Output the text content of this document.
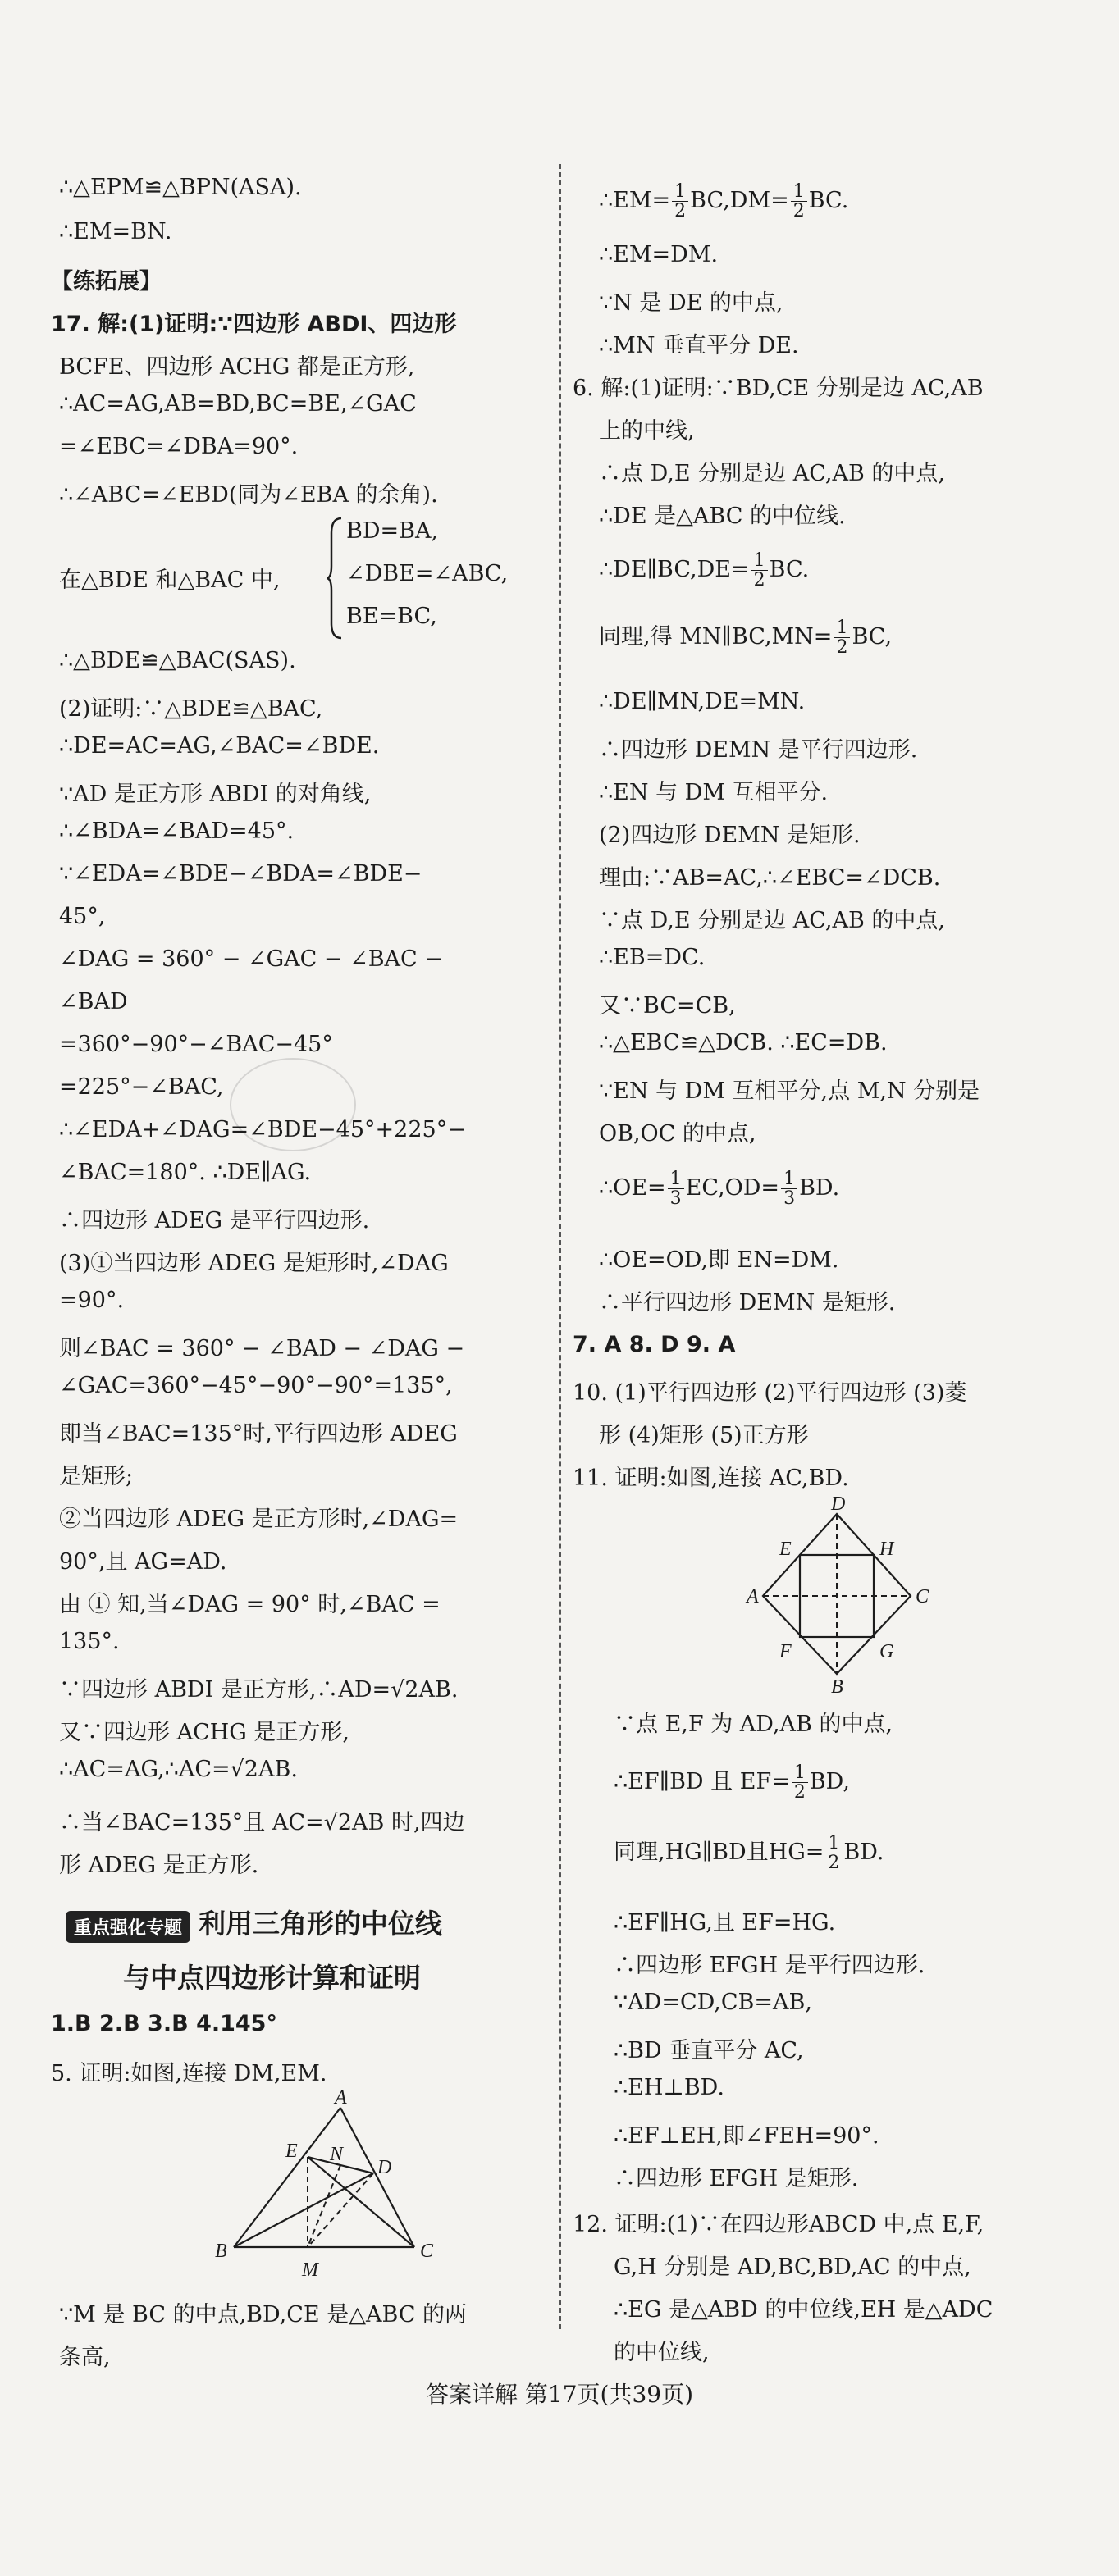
∴△EPM≌△BPN(ASA).
∴EM=BN.
【练拓展】
17. 解:(1)证明:∵四边形 ABDI、四边形
BCFE、四边形 ACHG 都是正方形,
∴AC=AG,AB=BD,BC=BE,∠GAC
=∠EBC=∠DBA=90°.
∴∠ABC=∠EBD(同为∠EBA 的余角).
在△BDE 和△BAC 中,
BD=BA,
∠DBE=∠ABC,
BE=BC,
∴△BDE≌△BAC(SAS).
(2)证明:∵△BDE≌△BAC,
∴DE=AC=AG,∠BAC=∠BDE.
∵AD 是正方形 ABDI 的对角线,
∴∠BDA=∠BAD=45°.
∵∠EDA=∠BDE−∠BDA=∠BDE−
45°,
∠DAG = 360° − ∠GAC − ∠BAC −
∠BAD
=360°−90°−∠BAC−45°
=225°−∠BAC,
∴∠EDA+∠DAG=∠BDE−45°+225°−
∠BAC=180°. ∴DE∥AG.
∴四边形 ADEG 是平行四边形.
(3)①当四边形 ADEG 是矩形时,∠DAG
=90°.
则∠BAC = 360° − ∠BAD − ∠DAG −
∠GAC=360°−45°−90°−90°=135°,
即当∠BAC=135°时,平行四边形 ADEG
是矩形;
②当四边形 ADEG 是正方形时,∠DAG=
90°,且 AG=AD.
由 ① 知,当∠DAG = 90° 时,∠BAC =
135°.
∵四边形 ABDI 是正方形,∴AD=√2AB.
又∵四边形 ACHG 是正方形,
∴AC=AG,∴AC=√2AB.
∴当∠BAC=135°且 AC=√2AB 时,四边
形 ADEG 是正方形.
重点强化专题 利用三角形的中位线
与中点四边形计算和证明
1.B 2.B 3.B 4.145°
5. 证明:如图,连接 DM,EM.
A
B	C
D
E
M
N
∵M 是 BC 的中点,BD,CE 是△ABC 的两
条高,
∴EM= $\frac{1}{2} BC,DM= \frac{1}{2}$ BC.
∴EM=DM.
∵N 是 DE 的中点,
∴MN 垂直平分 DE.
6. 解:(1)证明:∵BD,CE 分别是边 AC,AB
上的中线,
∴点 D,E 分别是边 AC,AB 的中点,
∴DE 是△ABC 的中位线.
∴DE∥BC,DE= $\frac{1}{2}$ BC.
同理,得 MN∥BC,MN= $\frac{1}{2}$ BC,
∴DE∥MN,DE=MN.
∴四边形 DEMN 是平行四边形.
∴EN 与 DM 互相平分.
(2)四边形 DEMN 是矩形.
理由:∵AB=AC,∴∠EBC=∠DCB.
∵点 D,E 分别是边 AC,AB 的中点,
∴EB=DC.
又∵BC=CB,
∴△EBC≌△DCB. ∴EC=DB.
∵EN 与 DM 互相平分,点 M,N 分别是
OB,OC 的中点,
∴OE= $\frac{1}{3} EC,OD= \frac{1}{3}$ BD.
∴OE=OD,即 EN=DM.
∴平行四边形 DEMN 是矩形.
7. A 8. D 9. A
10. (1)平行四边形 (2)平行四边形 (3)菱
形 (4)矩形 (5)正方形
11. 证明:如图,连接 AC,BD.
D
A	C
B
E	H
F	G
∵点 E,F 为 AD,AB 的中点,
∴EF∥BD 且 $EF= \frac{1}{2}$ BD,
同理,HG∥BD且$HG= \frac{1}{2}$ BD.
∴EF∥HG,且 EF=HG.
∴四边形 EFGH 是平行四边形.
∵AD=CD,CB=AB,
∴BD 垂直平分 AC,
∴EH⊥BD.
∴EF⊥EH,即∠FEH=90°.
∴四边形 EFGH 是矩形.
12. 证明:(1)∵在四边形ABCD 中,点 E,F,
G,H 分别是 AD,BC,BD,AC 的中点,
∴EG 是△ABD 的中位线,EH 是△ADC
的中位线,
答案详解 第17页(共39页)
